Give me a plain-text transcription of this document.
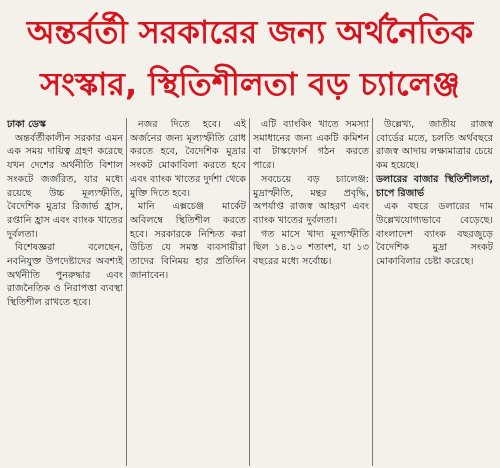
অন্তর্বর্তী সরকারের জন্য অর্থনৈতিক
সংস্কার, স্থিতিশীলতা বড় চ্যালেঞ্জ
ঢাকা ডেস্ক

অন্তর্বর্তীকালীন সরকার এমন এক সময় দায়িত্ব গ্রহণ করেছে যখন দেশের অর্থনীতি বিশাল সংকটে জর্জরিত, যার মধ্যে রয়েছে উচ্চ মূল্যস্ফীতি, বৈদেশিক মুদ্রার রিজার্ভ হ্রাস, রপ্তানি হ্রাস এবং ব্যাংক খাতের দুর্বলতা।

বিশেষজ্ঞরা বলেছেন, নবনিযুক্ত উপদেষ্টাদের অবশ্যই অর্থনীতি পুনরুদ্ধার এবং রাজনৈতিক ও নিরাপত্তা ব্যবস্থা স্থিতিশীল রাখতে হবে।

নজর দিতে হবে। এই অর্জনের জন্য মূল্যস্ফীতি রোধ করতে হবে, বৈদেশিক মুদ্রার সংকট মোকাবিলা করতে হবে এবং ব্যাংক খাতের দুর্দশা থেকে মুক্তি দিতে হবে।

মানি এক্সচেঞ্জ মার্কেট অবিলম্বে স্থিতিশীল করতে হবে। সরকারকে নিশ্চিত করা উচিত যে সমস্ত ব্যবসায়ীরা তাদের বিনিময় হার প্রতিদিন জানাবেন।

এটি ব্যাংকিং খাতে সমস্যা সমাধানের জন্য একটি কমিশন বা টাস্কফোর্স গঠন করতে পারে।

সবচেয়ে বড় চ্যালেঞ্জ: মুদ্রাস্ফীতি, মন্থর প্রবৃদ্ধি, অপর্যাপ্ত রাজস্ব আহরণ এবং ব্যাংক খাতের দুর্বলতা।

গত মাসে খাদ্য মূল্যস্ফীতি ছিল ১৪.১০ শতাংশ, যা ১৩ বছরের মধ্যে সর্বোচ্চ।

উল্লেখ্য, জাতীয় রাজস্ব বোর্ডের মতে, চলতি অর্থবছরে রাজস্ব আদায় লক্ষ্যমাত্রার চেয়ে কম হয়েছে।

ডলারের বাজার স্থিতিশীলতা, চাপে রিজার্ভ

এক বছরে ডলারের দাম উল্লেখযোগ্যভাবে বেড়েছে। বাংলাদেশ ব্যাংক বছরজুড়ে বৈদেশিক মুদ্রা সংকট মোকাবিলার চেষ্টা করেছে।
